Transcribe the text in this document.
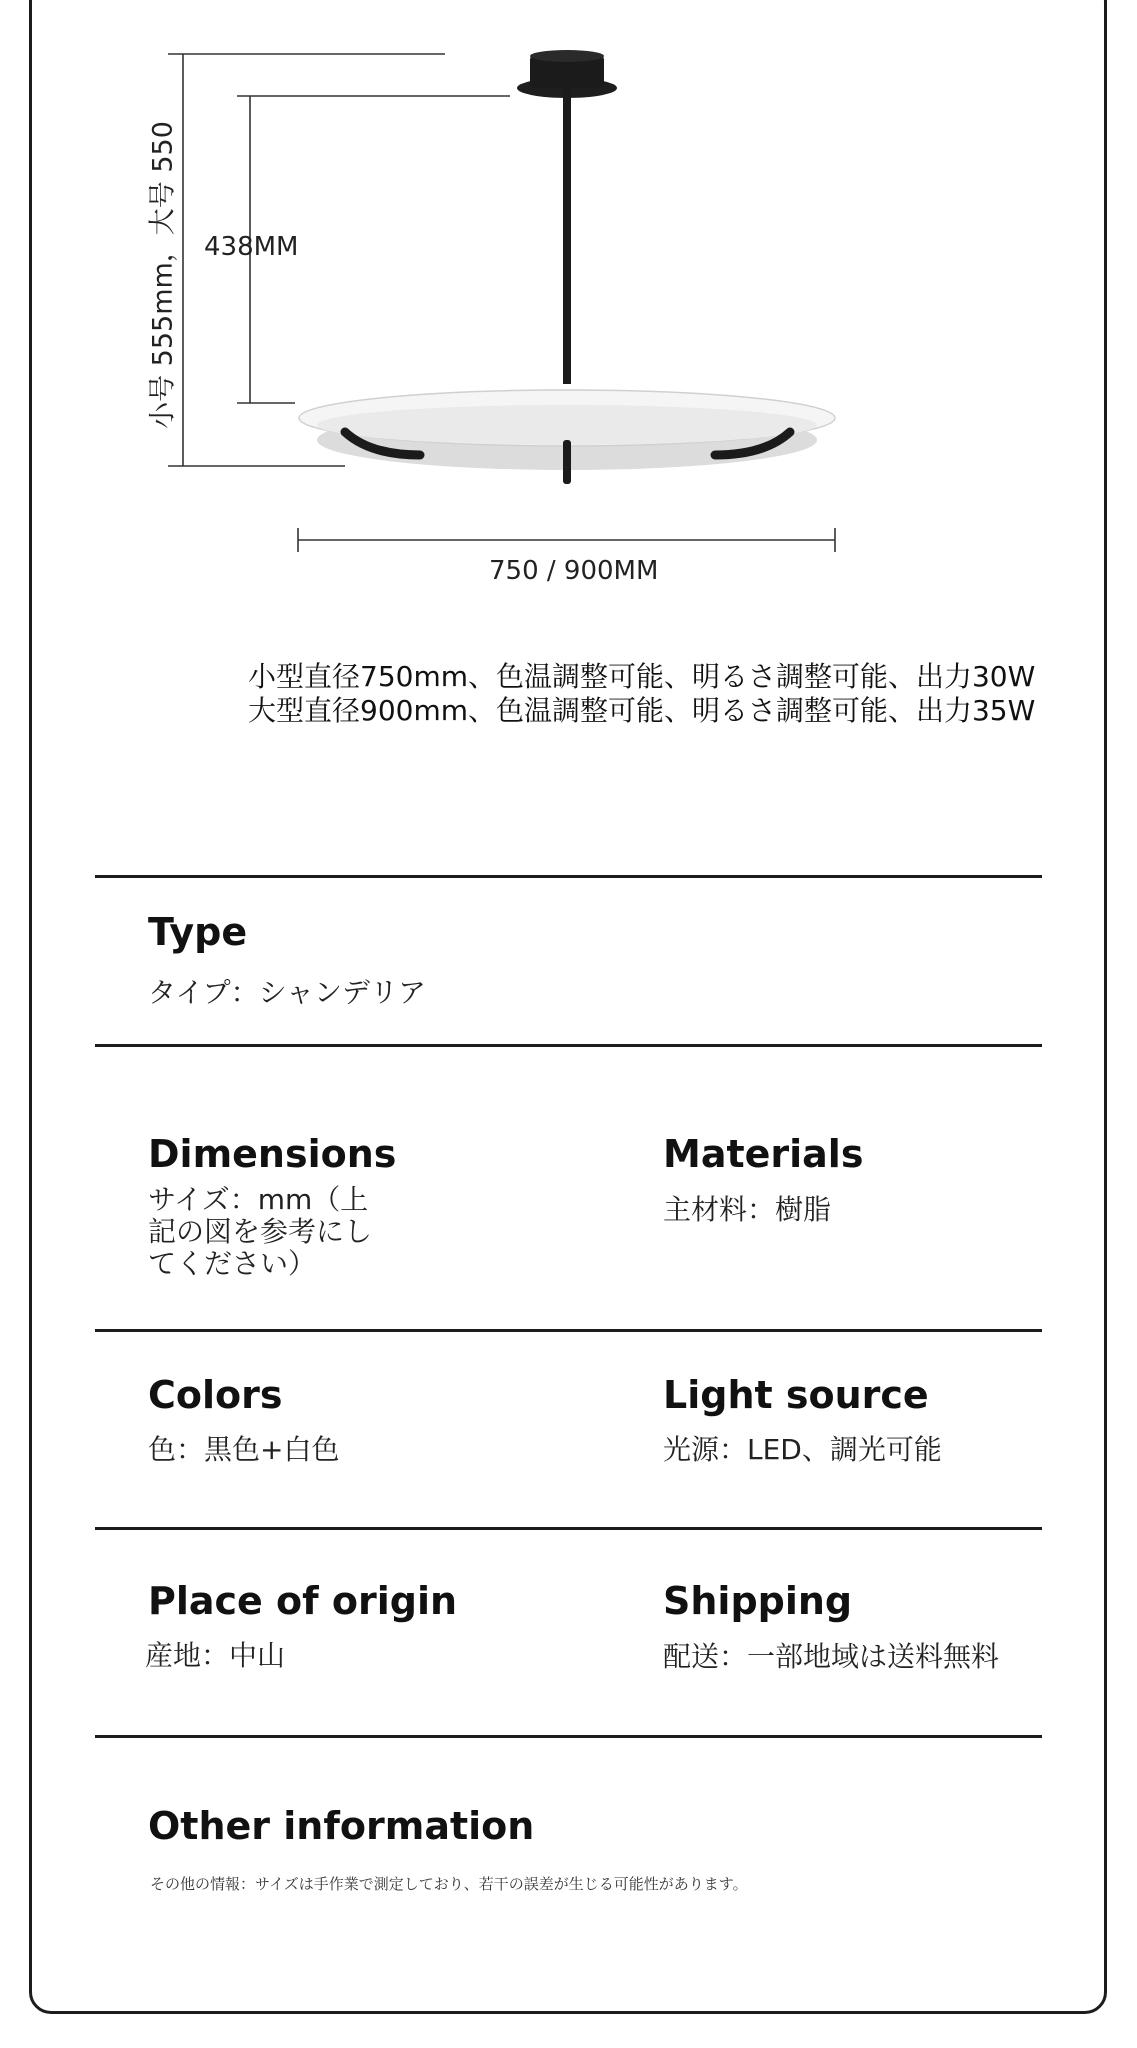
小号 555mm，大号 550 438MM
750 / 900MM
小型直径750mm、色温調整可能、明るさ調整可能、出力30W
大型直径900mm、色温調整可能、明るさ調整可能、出力35W
Type
タイプ：シャンデリア
Dimensions
サイズ：mm（上
記の図を参考にし
てください）
Materials
主材料：樹脂
Colors
色：黒色+白色
Light source
光源：LED、調光可能
Place of origin
産地：中山
Shipping
配送：一部地域は送料無料
Other information
その他の情報：サイズは手作業で測定しており、若干の誤差が生じる可能性があります。
